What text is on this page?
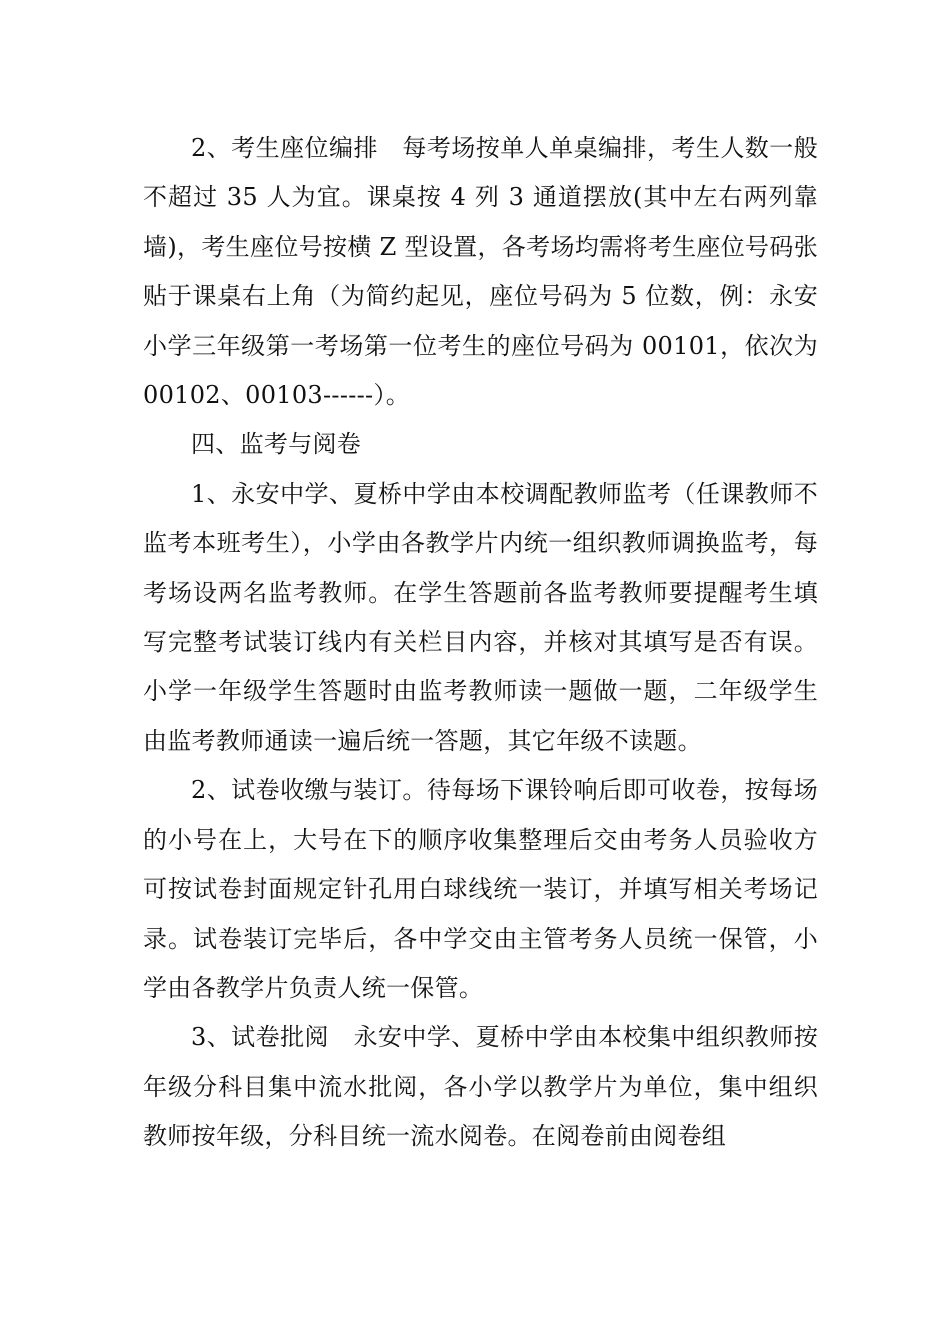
2、考生座位编排　每考场按单人单桌编排，考生人数一般不超过 35 人为宜。课桌按 4 列 3 通道摆放(其中左右两列靠墙)，考生座位号按横 Z 型设置，各考场均需将考生座位号码张贴于课桌右上角（为简约起见，座位号码为 5 位数，例：永安小学三年级第一考场第一位考生的座位号码为 00101，依次为 00102、00103------）。

四、监考与阅卷

1、永安中学、夏桥中学由本校调配教师监考（任课教师不监考本班考生），小学由各教学片内统一组织教师调换监考，每考场设两名监考教师。在学生答题前各监考教师要提醒考生填写完整考试装订线内有关栏目内容，并核对其填写是否有误。小学一年级学生答题时由监考教师读一题做一题，二年级学生由监考教师通读一遍后统一答题，其它年级不读题。

2、试卷收缴与装订。待每场下课铃响后即可收卷，按每场的小号在上，大号在下的顺序收集整理后交由考务人员验收方可按试卷封面规定针孔用白球线统一装订，并填写相关考场记录。试卷装订完毕后，各中学交由主管考务人员统一保管，小学由各教学片负责人统一保管。

3、试卷批阅　永安中学、夏桥中学由本校集中组织教师按年级分科目集中流水批阅，各小学以教学片为单位，集中组织教师按年级，分科目统一流水阅卷。在阅卷前由阅卷组
